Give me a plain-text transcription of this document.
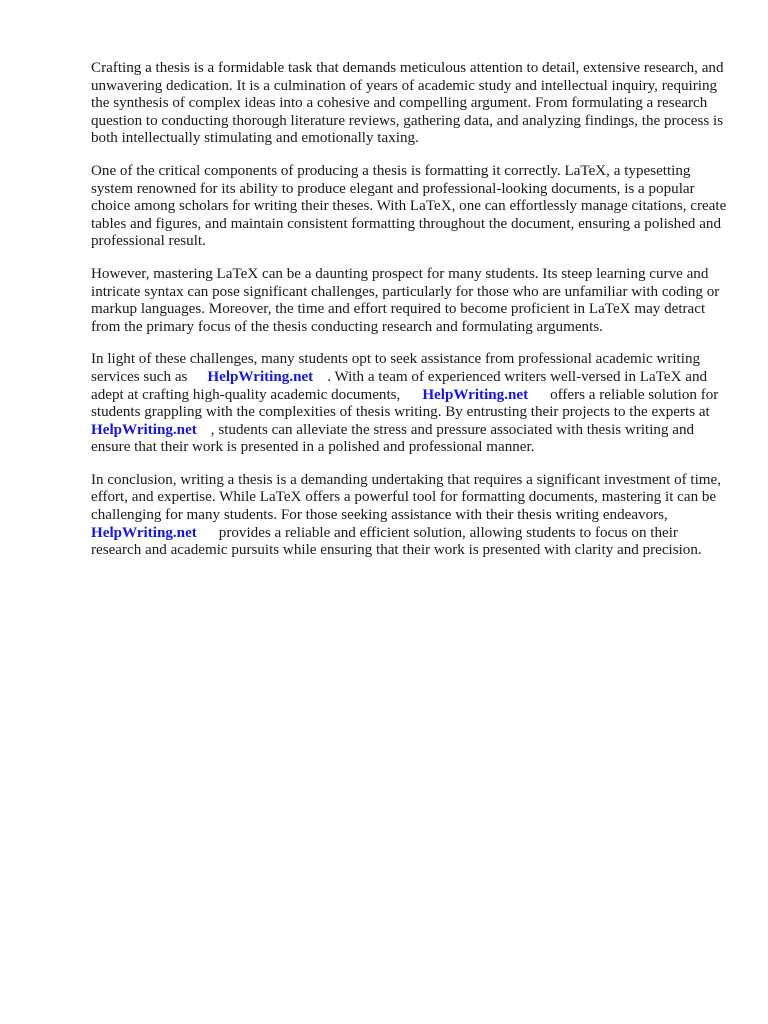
Crafting a thesis is a formidable task that demands meticulous attention to detail, extensive research, and unwavering dedication. It is a culmination of years of academic study and intellectual inquiry, requiring the synthesis of complex ideas into a cohesive and compelling argument. From formulating a research question to conducting thorough literature reviews, gathering data, and analyzing findings, the process is both intellectually stimulating and emotionally taxing.

One of the critical components of producing a thesis is formatting it correctly. LaTeX, a typesetting system renowned for its ability to produce elegant and professional-looking documents, is a popular choice among scholars for writing their theses. With LaTeX, one can effortlessly manage citations, create tables and figures, and maintain consistent formatting throughout the document, ensuring a polished and professional result.

However, mastering LaTeX can be a daunting prospect for many students. Its steep learning curve and intricate syntax can pose significant challenges, particularly for those who are unfamiliar with coding or markup languages. Moreover, the time and effort required to become proficient in LaTeX may detract from the primary focus of the thesis conducting research and formulating arguments.

In light of these challenges, many students opt to seek assistance from professional academic writing services such as HelpWriting.net . With a team of experienced writers well-versed in LaTeX and adept at crafting high-quality academic documents, HelpWriting.net offers a reliable solution for students grappling with the complexities of thesis writing. By entrusting their projects to the experts atHelpWriting.net , students can alleviate the stress and pressure associated with thesis writing and ensure that their work is presented in a polished and professional manner.

In conclusion, writing a thesis is a demanding undertaking that requires a significant investment of time, effort, and expertise. While LaTeX offers a powerful tool for formatting documents, mastering it can be challenging for many students. For those seeking assistance with their thesis writing endeavors,HelpWriting.net provides a reliable and efficient solution, allowing students to focus on their research and academic pursuits while ensuring that their work is presented with clarity and precision.
